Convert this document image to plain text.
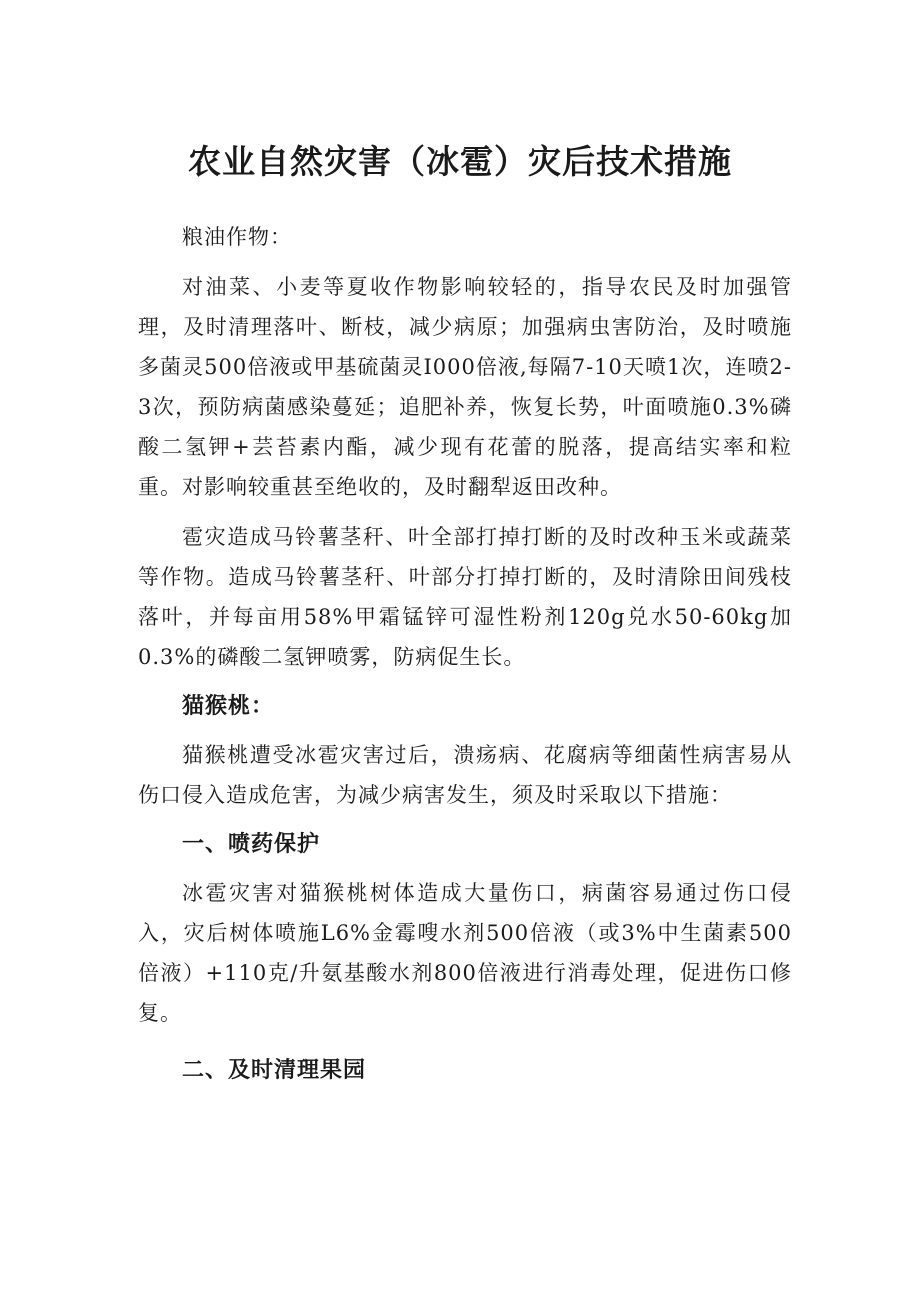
农业自然灾害（冰雹）灾后技术措施

粮油作物：

对油菜、小麦等夏收作物影响较轻的，指导农民及时加强管理，及时清理落叶、断枝，减少病原；加强病虫害防治，及时喷施多菌灵500倍液或甲基硫菌灵I000倍液,每隔7-10天喷1次，连喷2-3次，预防病菌感染蔓延；追肥补养，恢复长势，叶面喷施0.3%磷酸二氢钾+芸苔素内酯，减少现有花蕾的脱落，提高结实率和粒重。对影响较重甚至绝收的，及时翻犁返田改种。

雹灾造成马铃薯茎秆、叶全部打掉打断的及时改种玉米或蔬菜等作物。造成马铃薯茎秆、叶部分打掉打断的，及时清除田间残枝落叶，并每亩用58%甲霜锰锌可湿性粉剂120g兑水50-60kg加0.3%的磷酸二氢钾喷雾，防病促生长。

猫猴桃：

猫猴桃遭受冰雹灾害过后，溃疡病、花腐病等细菌性病害易从伤口侵入造成危害，为减少病害发生，须及时采取以下措施：

一、喷药保护

冰雹灾害对猫猴桃树体造成大量伤口，病菌容易通过伤口侵入，灾后树体喷施L6%金霉嗖水剂500倍液（或3%中生菌素500倍液）+110克/升氨基酸水剂800倍液进行消毒处理，促进伤口修复。

二、及时清理果园
